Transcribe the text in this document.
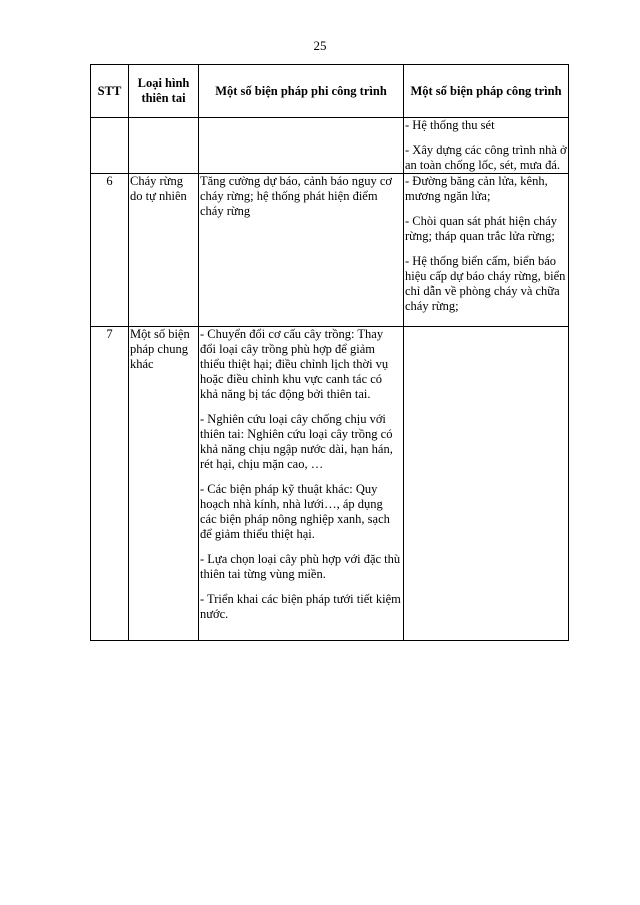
25
STT	Loại hình thiên tai	Một số biện pháp phi công trình	Một số biện pháp công trình

			- Hệ thống thu sét
- Xây dựng các công trình nhà ở an toàn chống lốc, sét, mưa đá.

6	Cháy rừng do tự nhiên	Tăng cường dự báo, cảnh báo nguy cơ cháy rừng; hệ thống phát hiện điểm cháy rừng	- Đường băng cản lửa, kênh, mương ngăn lửa;
- Chòi quan sát phát hiện cháy rừng; tháp quan trắc lửa rừng;
- Hệ thống biển cấm, biển báo hiệu cấp dự báo cháy rừng, biển chỉ dẫn về phòng cháy và chữa cháy rừng;

7	Một số biện pháp chung khác	- Chuyển đổi cơ cấu cây trồng: Thay đổi loại cây trồng phù hợp để giảm thiểu thiệt hại; điều chỉnh lịch thời vụ hoặc điều chỉnh khu vực canh tác có khả năng bị tác động bởi thiên tai.
- Nghiên cứu loại cây chống chịu với thiên tai: Nghiên cứu loại cây trồng có khả năng chịu ngập nước dài, hạn hán, rét hại, chịu mặn cao, …
- Các biện pháp kỹ thuật khác: Quy hoạch nhà kính, nhà lưới…, áp dụng các biện pháp nông nghiệp xanh, sạch để giảm thiểu thiệt hại.
- Lựa chọn loại cây phù hợp với đặc thù thiên tai từng vùng miền.
- Triển khai các biện pháp tưới tiết kiệm nước.	
